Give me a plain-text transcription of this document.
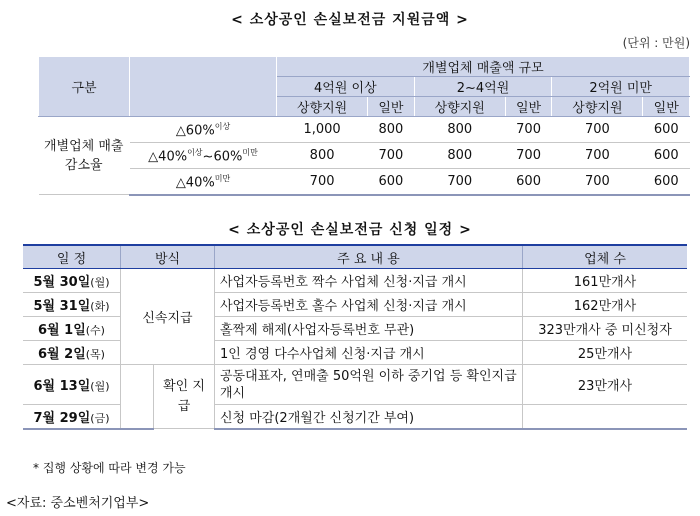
< 소상공인 손실보전금 지원금액 >
(단위 : 만원)
구분		개별업체 매출액 규모					
		4억원 이상		2~4억원		2억원 미만	
		상향지원	일반	상향지원	일반	상향지원	일반
개별업체 매출감소율	△60%$^{이상}$	1,000	800	800	700	700	600
	△40%$^{이상}$~60%$^{미만}$	800	700	800	700	700	600
	△40%$^{미만}$	700	600	700	600	700	600
< 소상공인 손실보전금 신청 일정 >
일 정	방식		주 요 내 용	업체 수
5월 30일(월)	신속지급		사업자등록번호 짝수 사업체 신청·지급 개시	161만개사
5월 31일(화)			사업자등록번호 홀수 사업체 신청·지급 개시	162만개사
6월 1일(수)			홀짝제 해제(사업자등록번호 무관)	323만개사 중 미신청자
6월 2일(목)			1인 경영 다수사업체 신청·지급 개시	25만개사
6월 13일(월)		확인 지급	공동대표자, 연매출 50억원 이하 중기업 등 확인지급 개시	23만개사
7월 29일(금)			신청 마감(2개월간 신청기간 부여)	
* 집행 상황에 따라 변경 가능
<자료: 중소벤처기업부>
